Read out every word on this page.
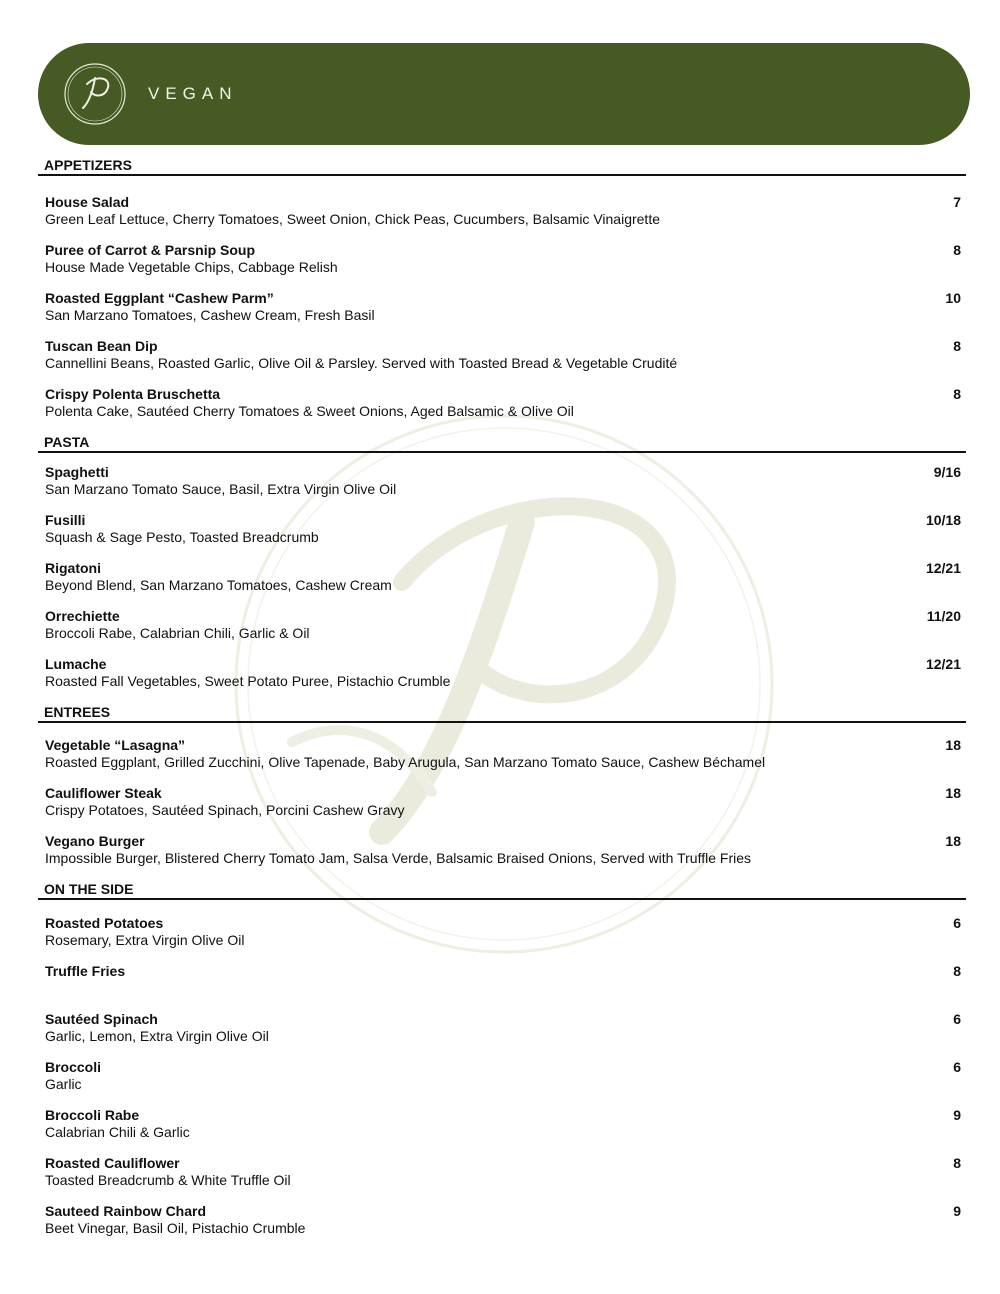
VEGAN
APPETIZERS
House Salad
Green Leaf Lettuce, Cherry Tomatoes, Sweet Onion, Chick Peas, Cucumbers, Balsamic Vinaigrette
7
Puree of Carrot & Parsnip Soup
House Made Vegetable Chips, Cabbage Relish
8
Roasted Eggplant “Cashew Parm”
San Marzano Tomatoes, Cashew Cream, Fresh Basil
10
Tuscan Bean Dip
Cannellini Beans, Roasted Garlic, Olive Oil & Parsley. Served with Toasted Bread & Vegetable Crudité
8
Crispy Polenta Bruschetta
Polenta Cake, Sautéed Cherry Tomatoes & Sweet Onions, Aged Balsamic & Olive Oil
8
PASTA
Spaghetti
San Marzano Tomato Sauce, Basil, Extra Virgin Olive Oil
9/16
Fusilli
Squash & Sage Pesto, Toasted Breadcrumb
10/18
Rigatoni
Beyond Blend, San Marzano Tomatoes, Cashew Cream
12/21
Orrechiette
Broccoli Rabe, Calabrian Chili, Garlic & Oil
11/20
Lumache
Roasted Fall Vegetables, Sweet Potato Puree, Pistachio Crumble
12/21
ENTREES
Vegetable “Lasagna”
Roasted Eggplant, Grilled Zucchini, Olive Tapenade, Baby Arugula, San Marzano Tomato Sauce, Cashew Béchamel
18
Cauliflower Steak
Crispy Potatoes, Sautéed Spinach, Porcini Cashew Gravy
18
Vegano Burger
Impossible Burger, Blistered Cherry Tomato Jam, Salsa Verde, Balsamic Braised Onions, Served with Truffle Fries
18
ON THE SIDE
Roasted Potatoes
Rosemary, Extra Virgin Olive Oil
6
Truffle Fries	8
Sautéed Spinach
Garlic, Lemon, Extra Virgin Olive Oil
6
Broccoli
Garlic
6
Broccoli Rabe
Calabrian Chili & Garlic
9
Roasted Cauliflower
Toasted Breadcrumb & White Truffle Oil
8
Sauteed Rainbow Chard
Beet Vinegar, Basil Oil, Pistachio Crumble
9
